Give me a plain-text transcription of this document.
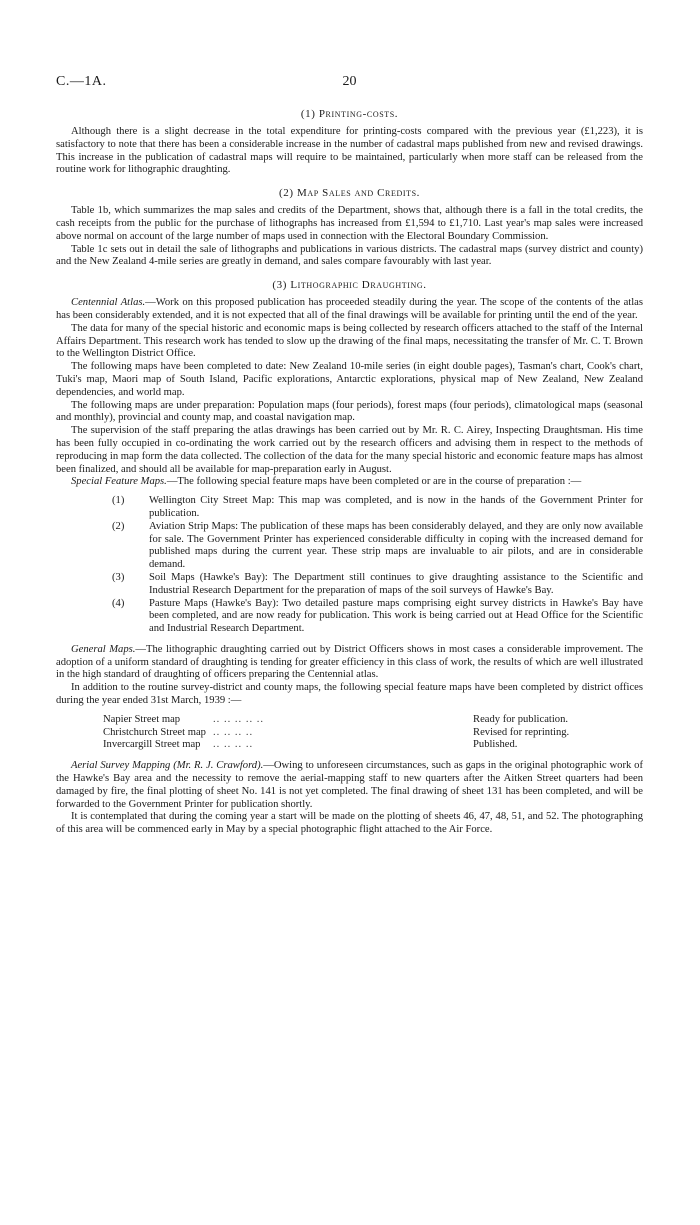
C.—1A.	20
(1) Printing-costs.

Although there is a slight decrease in the total expenditure for printing-costs compared with the previous year (£1,223), it is satisfactory to note that there has been a considerable increase in the number of cadastral maps published from new and revised drawings. This increase in the publication of cadastral maps will require to be maintained, particularly when more staff can be released from the routine work for lithographic draughting.

(2) Map Sales and Credits.

Table 1b, which summarizes the map sales and credits of the Department, shows that, although there is a fall in the total credits, the cash receipts from the public for the purchase of lithographs has increased from £1,594 to £1,710. Last year's map sales were increased above normal on account of the large number of maps used in connection with the Electoral Boundary Commission.

Table 1c sets out in detail the sale of lithographs and publications in various districts. The cadastral maps (survey district and county) and the New Zealand 4-mile series are greatly in demand, and sales compare favourably with last year.

(3) Lithographic Draughting.

Centennial Atlas.—Work on this proposed publication has proceeded steadily during the year. The scope of the contents of the atlas has been considerably extended, and it is not expected that all of the final drawings will be available for printing until the end of the year.

The data for many of the special historic and economic maps is being collected by research officers attached to the staff of the Internal Affairs Department. This research work has tended to slow up the drawing of the final maps, necessitating the transfer of Mr. C. T. Brown to the Wellington District Office.

The following maps have been completed to date: New Zealand 10-mile series (in eight double pages), Tasman's chart, Cook's chart, Tuki's map, Maori map of South Island, Pacific explorations, Antarctic explorations, physical map of New Zealand, New Zealand dependencies, and world map.

The following maps are under preparation: Population maps (four periods), forest maps (four periods), climatological maps (seasonal and monthly), provincial and county map, and coastal navigation map.

The supervision of the staff preparing the atlas drawings has been carried out by Mr. R. C. Airey, Inspecting Draughtsman. His time has been fully occupied in co-ordinating the work carried out by the research officers and advising them in respect to the methods of reproducing in map form the data collected. The collection of the data for the many special historic and economic feature maps has almost been finalized, and should all be available for map-preparation early in August.

Special Feature Maps.—The following special feature maps have been completed or are in the course of preparation :—

(1) Wellington City Street Map: This map was completed, and is now in the hands of the Government Printer for publication.
(2) Aviation Strip Maps: The publication of these maps has been considerably delayed, and they are only now available for sale. The Government Printer has experienced considerable difficulty in coping with the increased demand for published maps during the current year. These strip maps are invaluable to air pilots, and are in considerable demand.
(3) Soil Maps (Hawke's Bay): The Department still continues to give draughting assistance to the Scientific and Industrial Research Department for the preparation of maps of the soil surveys of Hawke's Bay.
(4) Pasture Maps (Hawke's Bay): Two detailed pasture maps comprising eight survey districts in Hawke's Bay have been completed, and are now ready for publication. This work is being carried out at Head Office for the Scientific and Industrial Research Department.

General Maps.—The lithographic draughting carried out by District Officers shows in most cases a considerable improvement. The adoption of a uniform standard of draughting is tending for greater efficiency in this class of work, the results of which are well illustrated in the high standard of draughting of officers preparing the Centennial atlas.

In addition to the routine survey-district and county maps, the following special feature maps have been completed by district offices during the year ended 31st March, 1939 :—

Napier Street map	.. .. .. .. ..	Ready for publication.
Christchurch Street map	.. .. .. ..	Revised for reprinting.
Invercargill Street map	.. .. .. ..	Published.

Aerial Survey Mapping (Mr. R. J. Crawford).—Owing to unforeseen circumstances, such as gaps in the original photographic work of the Hawke's Bay area and the necessity to remove the aerial-mapping staff to new quarters after the Aitken Street quarters had been damaged by fire, the final plotting of sheet No. 141 is not yet completed. The final drawing of sheet 131 has been completed, and will be forwarded to the Government Printer for publication shortly.

It is contemplated that during the coming year a start will be made on the plotting of sheets 46, 47, 48, 51, and 52. The photographing of this area will be commenced early in May by a special photographic flight attached to the Air Force.
